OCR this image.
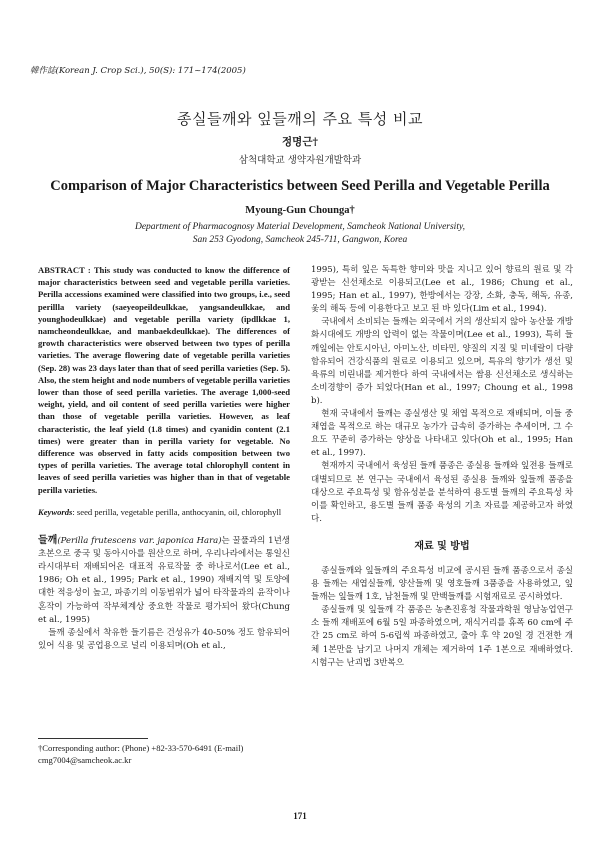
韓作誌(Korean J. Crop Sci.), 50(S): 171~174(2005)
종실들깨와 잎들깨의 주요 특성 비교
정명근†
삼척대학교 생약자원개발학과
Comparison of Major Characteristics between Seed Perilla and Vegetable Perilla
Myoung-Gun Chounga†
Department of Pharmacognosy Material Development, Samcheok National University,
San 253 Gyodong, Samcheok 245-711, Gangwon, Korea

ABSTRACT : This study was conducted to know the difference of major characteristics between seed and vegetable perilla varieties. Perilla accessions examined were classified into two groups, i.e., seed perillla variety (saeyeopeildeulkkae, yangsandeulkkae, and younghodeulkkae) and vegetable perilla variety (ipdlkkae 1, namcheondeulkkae, and manbaekdeulkkae). The differences of growth characteristics were observed between two types of perilla varieties. The average flowering date of vegetable perilla varieties (Sep. 28) was 23 days later than that of seed perilla varieties (Sep. 5). Also, the stem height and node numbers of vegetable perilla varieties lower than those of seed perilla varieties. The average 1,000-seed weight, yield, and oil content of seed perilla varieties were higher than those of vegetable perilla varieties. However, as leaf characteristic, the leaf yield (1.8 times) and cyanidin content (2.1 times) were greater than in perilla variety for vegetable. No difference was observed in fatty acids composition between two types of perilla varieties. The average total chlorophyll content in leaves of seed perilla varieties was higher than in that of vegetable perilla varieties.

Keywords: seed perilla, vegetable perilla, anthocyanin, oil, chlorophyll

들깨(Perilla frutescens var. japonica Hara)는 꿀풀과의 1년생 초본으로 중국 및 동아시아를 원산으로 하며, 우리나라에서는 통일신라시대부터 재배되어온 대표적 유료작물 중 하나로서(Lee et al., 1986; Oh et al., 1995; Park et al., 1990) 재배지역 및 토양에 대한 적응성이 높고, 파종기의 이동범위가 넓어 타작물과의 윤작이나 혼작이 가능하여 작부체계상 중요한 작물로 평가되어 왔다(Chung et al., 1995)

들깨 종실에서 착유한 들기름은 건성유가 40-50% 정도 함유되어 있어 식용 및 공업용으로 널리 이용되며(Oh et al.,

†Corresponding author: (Phone) +82-33-570-6491 (E-mail) cmg7004@samcheok.ac.kr

1995), 특히 잎은 독특한 향미와 맛을 지니고 있어 향료의 원료 및 각광받는 신선채소로 이용되고(Lee et al., 1986; Chung et al., 1995; Han et al., 1997), 한방에서는 강장, 소화, 충독, 해독, 유종, 옻의 해독 등에 이용한다고 보고 된 바 있다(Lim et al., 1994).

국내에서 소비되는 들깨는 외국에서 거의 생산되지 않아 농산물 개방화시대에도 개방의 압력이 없는 작물이며(Lee et al., 1993), 특히 들깨잎에는 안토시아닌, 아미노산, 비타민, 양질의 지질 및 미네랄이 다량 함유되어 건강식품의 원료로 이용되고 있으며, 특유의 향기가 생선 및 육류의 비린내를 제거한다 하여 국내에서는 쌈용 신선채소로 생식하는 소비경향이 증가 되었다(Han et al., 1997; Choung et al., 1998 b).

현재 국내에서 들깨는 종실생산 및 채엽 목적으로 재배되며, 이들 중 채엽을 목적으로 하는 대규모 농가가 급속히 증가하는 추세이며, 그 수요도 꾸준히 증가하는 양상을 나타내고 있다(Oh et al., 1995; Han et al., 1997).

현재까지 국내에서 육성된 들깨 품종은 종실용 들깨와 잎전용 들깨로 대별되므로 본 연구는 국내에서 육성된 종실용 들깨와 잎들깨 품종을 대상으로 주요특성 및 함유성분을 분석하여 용도별 들깨의 주요특성 차이를 확인하고, 용도별 들깨 품종 육성의 기초 자료를 제공하고자 하였다.

재료 및 방법

종실들깨와 잎들깨의 주요특성 비교에 공시된 들깨 품종으로서 종실용 들깨는 새엽실들깨, 양산들깨 및 영호들깨 3품종을 사용하였고, 잎들깨는 잎들깨 1호, 남천들깨 및 만백들깨를 시험재료로 공시하였다.

종실들깨 및 잎들깨 각 품종은 농촌진흥청 작물과학원 영남농업연구소 들깨 재배포에 6월 5일 파종하였으며, 재식거리를 휴폭 60 cm에 주간 25 cm로 하여 5-6립씩 파종하였고, 출아 후 약 20일 경 건전한 개체 1본만을 남기고 나머지 개체는 제거하여 1주 1본으로 재배하였다. 시험구는 난괴법 3반복으

171
